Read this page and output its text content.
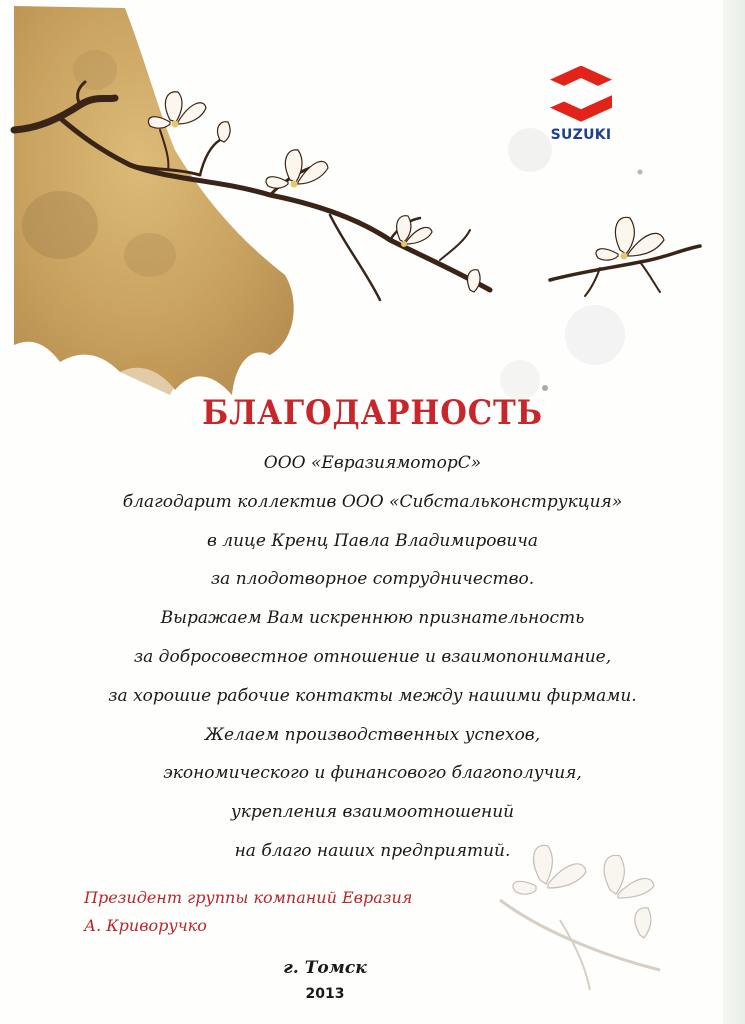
SUZUKI
БЛАГОДАРНОСТЬ
ООО «ЕвразиямоторС»
благодарит коллектив ООО «Сибстальконструкция»
в лице Кренц Павла Владимировича
за плодотворное сотрудничество.
Выражаем Вам искреннюю признательность
за добросовестное отношение и взаимопонимание,
за хорошие рабочие контакты между нашими фирмами.
Желаем производственных успехов,
экономического и финансового благополучия,
укрепления взаимоотношений
на благо наших предприятий.
Президент группы компаний Евразия
А. Криворучко
г. Томск
2013
